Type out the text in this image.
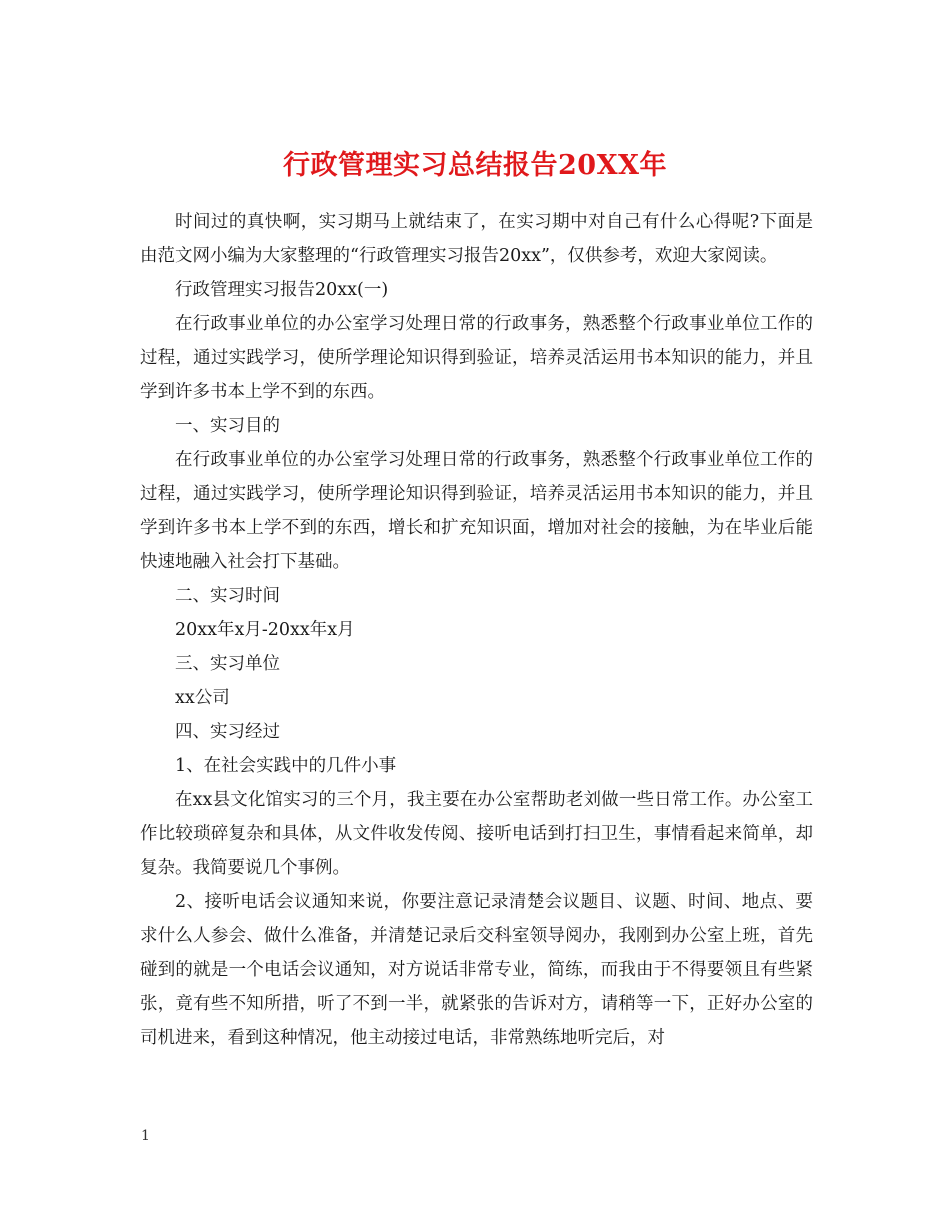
行政管理实习总结报告20XX年

时间过的真快啊，实习期马上就结束了，在实习期中对自己有什么心得呢?下面是由范文网小编为大家整理的“行政管理实习报告20xx”，仅供参考，欢迎大家阅读。

行政管理实习报告20xx(一)

在行政事业单位的办公室学习处理日常的行政事务，熟悉整个行政事业单位工作的过程，通过实践学习，使所学理论知识得到验证，培养灵活运用书本知识的能力，并且学到许多书本上学不到的东西。

一、实习目的

在行政事业单位的办公室学习处理日常的行政事务，熟悉整个行政事业单位工作的过程，通过实践学习，使所学理论知识得到验证，培养灵活运用书本知识的能力，并且学到许多书本上学不到的东西，增长和扩充知识面，增加对社会的接触，为在毕业后能快速地融入社会打下基础。

二、实习时间

20xx年x月-20xx年x月

三、实习单位

xx公司

四、实习经过

1、在社会实践中的几件小事

在xx县文化馆实习的三个月，我主要在办公室帮助老刘做一些日常工作。办公室工作比较琐碎复杂和具体，从文件收发传阅、接听电话到打扫卫生，事情看起来简单，却复杂。我简要说几个事例。

2、接听电话会议通知来说，你要注意记录清楚会议题目、议题、时间、地点、要求什么人参会、做什么准备，并清楚记录后交科室领导阅办，我刚到办公室上班，首先碰到的就是一个电话会议通知，对方说话非常专业，简练，而我由于不得要领且有些紧张，竟有些不知所措，听了不到一半，就紧张的告诉对方，请稍等一下，正好办公室的司机进来，看到这种情况，他主动接过电话，非常熟练地听完后，对

1
